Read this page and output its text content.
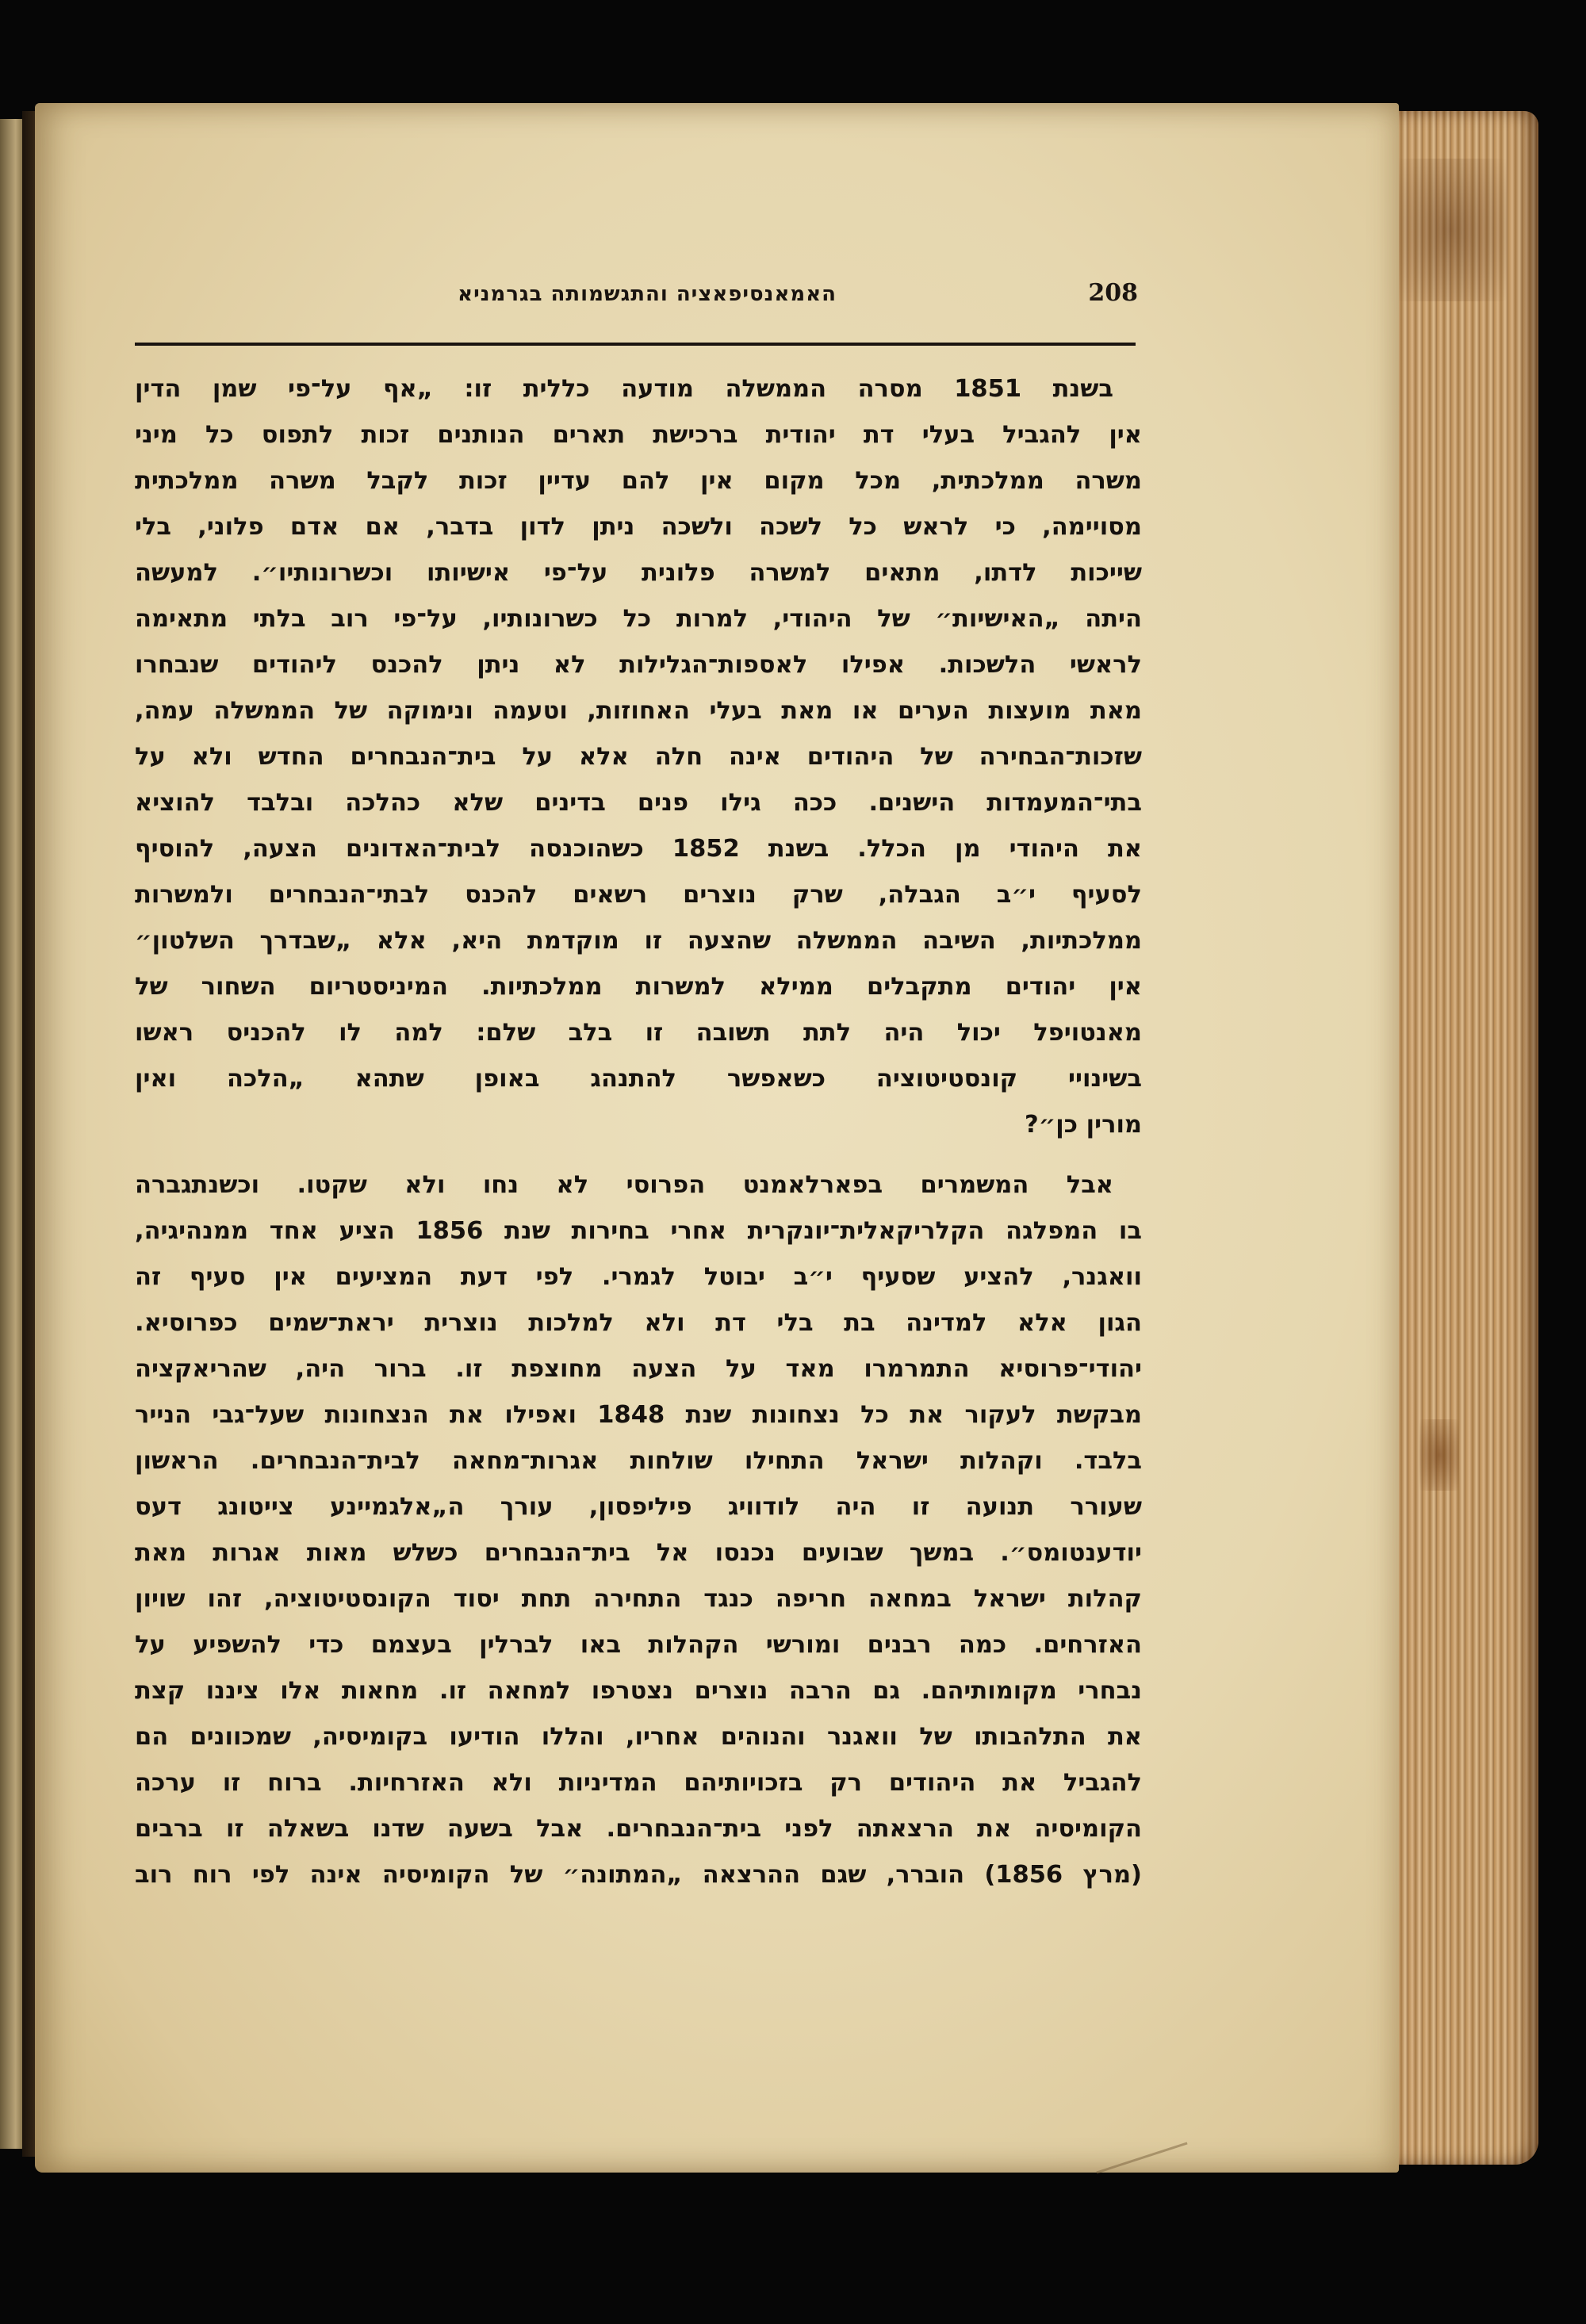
208
האמאנסיפאציה והתגשמותה בגרמניא
בשנת 1851 מסרה הממשלה מודעה כללית זו: „אף על־פי שמן הדין
אין להגביל בעלי דת יהודית ברכישת תארים הנותנים זכות לתפוס כל מיני
משרה ממלכתית, מכל מקום אין להם עדיין זכות לקבל משרה ממלכתית
מסויימה, כי לראש כל לשכה ולשכה ניתן לדון בדבר, אם אדם פלוני, בלי
שייכות לדתו, מתאים למשרה פלונית על־פי אישיותו וכשרונותיו״. למעשה
היתה „האישיות״ של היהודי, למרות כל כשרונותיו, על־פי רוב בלתי מתאימה
לראשי הלשכות. אפילו לאספות־הגלילות לא ניתן להכנס ליהודים שנבחרו
מאת מועצות הערים או מאת בעלי האחוזות, וטעמה ונימוקה של הממשלה עמה,
שזכות־הבחירה של היהודים אינה חלה אלא על בית־הנבחרים החדש ולא על
בתי־המעמדות הישנים. ככה גילו פנים בדינים שלא כהלכה ובלבד להוציא
את היהודי מן הכלל. בשנת 1852 כשהוכנסה לבית־האדונים הצעה, להוסיף
לסעיף י״ב הגבלה, שרק נוצרים רשאים להכנס לבתי־הנבחרים ולמשרות
ממלכתיות, השיבה הממשלה שהצעה זו מוקדמת היא, אלא „שבדרך השלטון״
אין יהודים מתקבלים ממילא למשרות ממלכתיות. המיניסטריום השחור של
מאנטויפל יכול היה לתת תשובה זו בלב שלם: למה לו להכניס ראשו
בשינויי קונסטיטוציה כשאפשר להתנהג באופן שתהא „הלכה ואין
מורין כן״?
אבל המשמרים בפארלאמנט הפרוסי לא נחו ולא שקטו. וכשנתגברה
בו המפלגה הקלריקאלית־יונקרית אחרי בחירות שנת 1856 הציע אחד ממנהיגיה,
וואגנר, להציע שסעיף י״ב יבוטל לגמרי. לפי דעת המציעים אין סעיף זה
הגון אלא למדינה בת בלי דת ולא למלכות נוצרית יראת־שמים כפרוסיא.
יהודי־פרוסיא התמרמרו מאד על הצעה מחוצפת זו. ברור היה, שהריאקציה
מבקשת לעקור את כל נצחונות שנת 1848 ואפילו את הנצחונות שעל־גבי הנייר
בלבד. וקהלות ישראל התחילו שולחות אגרות־מחאה לבית־הנבחרים. הראשון
שעורר תנועה זו היה לודוויג פיליפסון, עורך ה„אלגמיינע צייטונג דעס
יודענטומס״. במשך שבועים נכנסו אל בית־הנבחרים כשלש מאות אגרות מאת
קהלות ישראל במחאה חריפה כנגד התחירה תחת יסוד הקונסטיטוציה, זהו שויון
האזרחים. כמה רבנים ומורשי הקהלות באו לברלין בעצמם כדי להשפיע על
נבחרי מקומותיהם. גם הרבה נוצרים נצטרפו למחאה זו. מחאות אלו ציננו קצת
את התלהבותו של וואגנר והנוהים אחריו, והללו הודיעו בקומיסיה, שמכוונים הם
להגביל את היהודים רק בזכויותיהם המדיניות ולא האזרחיות. ברוח זו ערכה
הקומיסיה את הרצאתה לפני בית־הנבחרים. אבל בשעה שדנו בשאלה זו ברבים
(מרץ 1856) הוברר, שגם ההרצאה „המתונה״ של הקומיסיה אינה לפי רוח רוב
